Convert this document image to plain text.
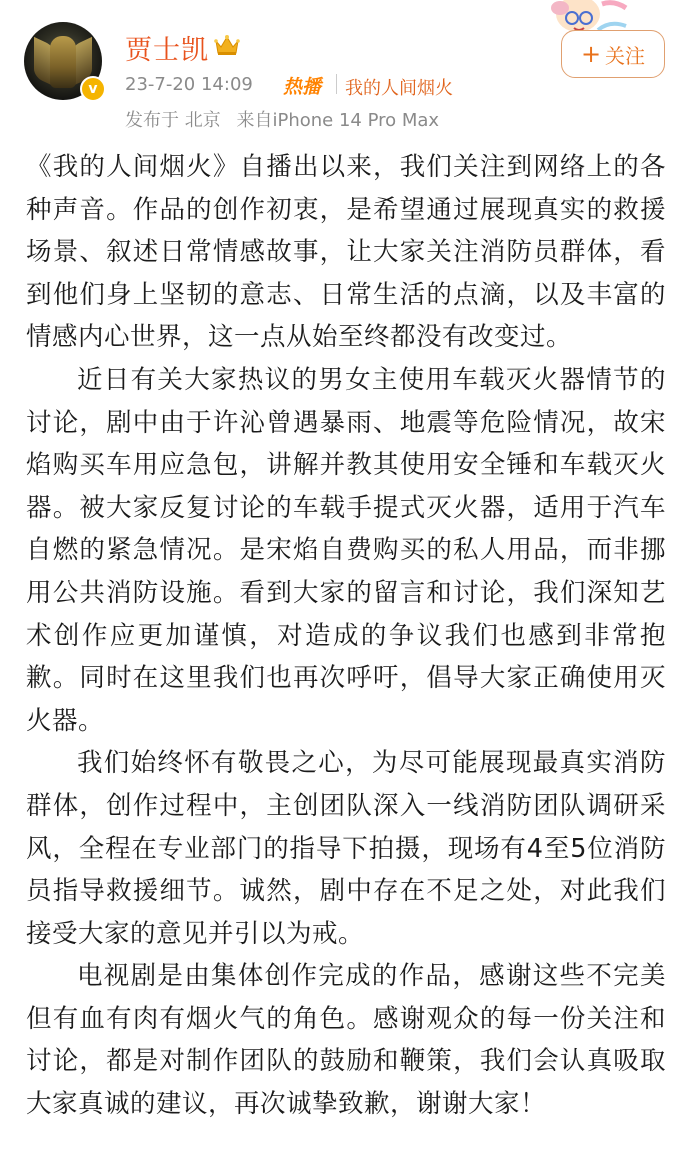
v
贾士凯
23-7-20 14:09 热播 我的人间烟火
发布于 北京 来自iPhone 14 Pro Max
+ 关注

《我的人间烟火》自播出以来，我们关注到网络上的各种声音。作品的创作初衷，是希望通过展现真实的救援场景、叙述日常情感故事，让大家关注消防员群体，看到他们身上坚韧的意志、日常生活的点滴，以及丰富的情感内心世界，这一点从始至终都没有改变过。

近日有关大家热议的男女主使用车载灭火器情节的讨论，剧中由于许沁曾遇暴雨、地震等危险情况，故宋焰购买车用应急包，讲解并教其使用安全锤和车载灭火器。被大家反复讨论的车载手提式灭火器，适用于汽车自燃的紧急情况。是宋焰自费购买的私人用品，而非挪用公共消防设施。看到大家的留言和讨论，我们深知艺术创作应更加谨慎，对造成的争议我们也感到非常抱歉。同时在这里我们也再次呼吁，倡导大家正确使用灭火器。

我们始终怀有敬畏之心，为尽可能展现最真实消防群体，创作过程中，主创团队深入一线消防团队调研采风，全程在专业部门的指导下拍摄，现场有4至5位消防员指导救援细节。诚然，剧中存在不足之处，对此我们接受大家的意见并引以为戒。

电视剧是由集体创作完成的作品，感谢这些不完美但有血有肉有烟火气的角色。感谢观众的每一份关注和讨论，都是对制作团队的鼓励和鞭策，我们会认真吸取大家真诚的建议，再次诚挚致歉，谢谢大家！
